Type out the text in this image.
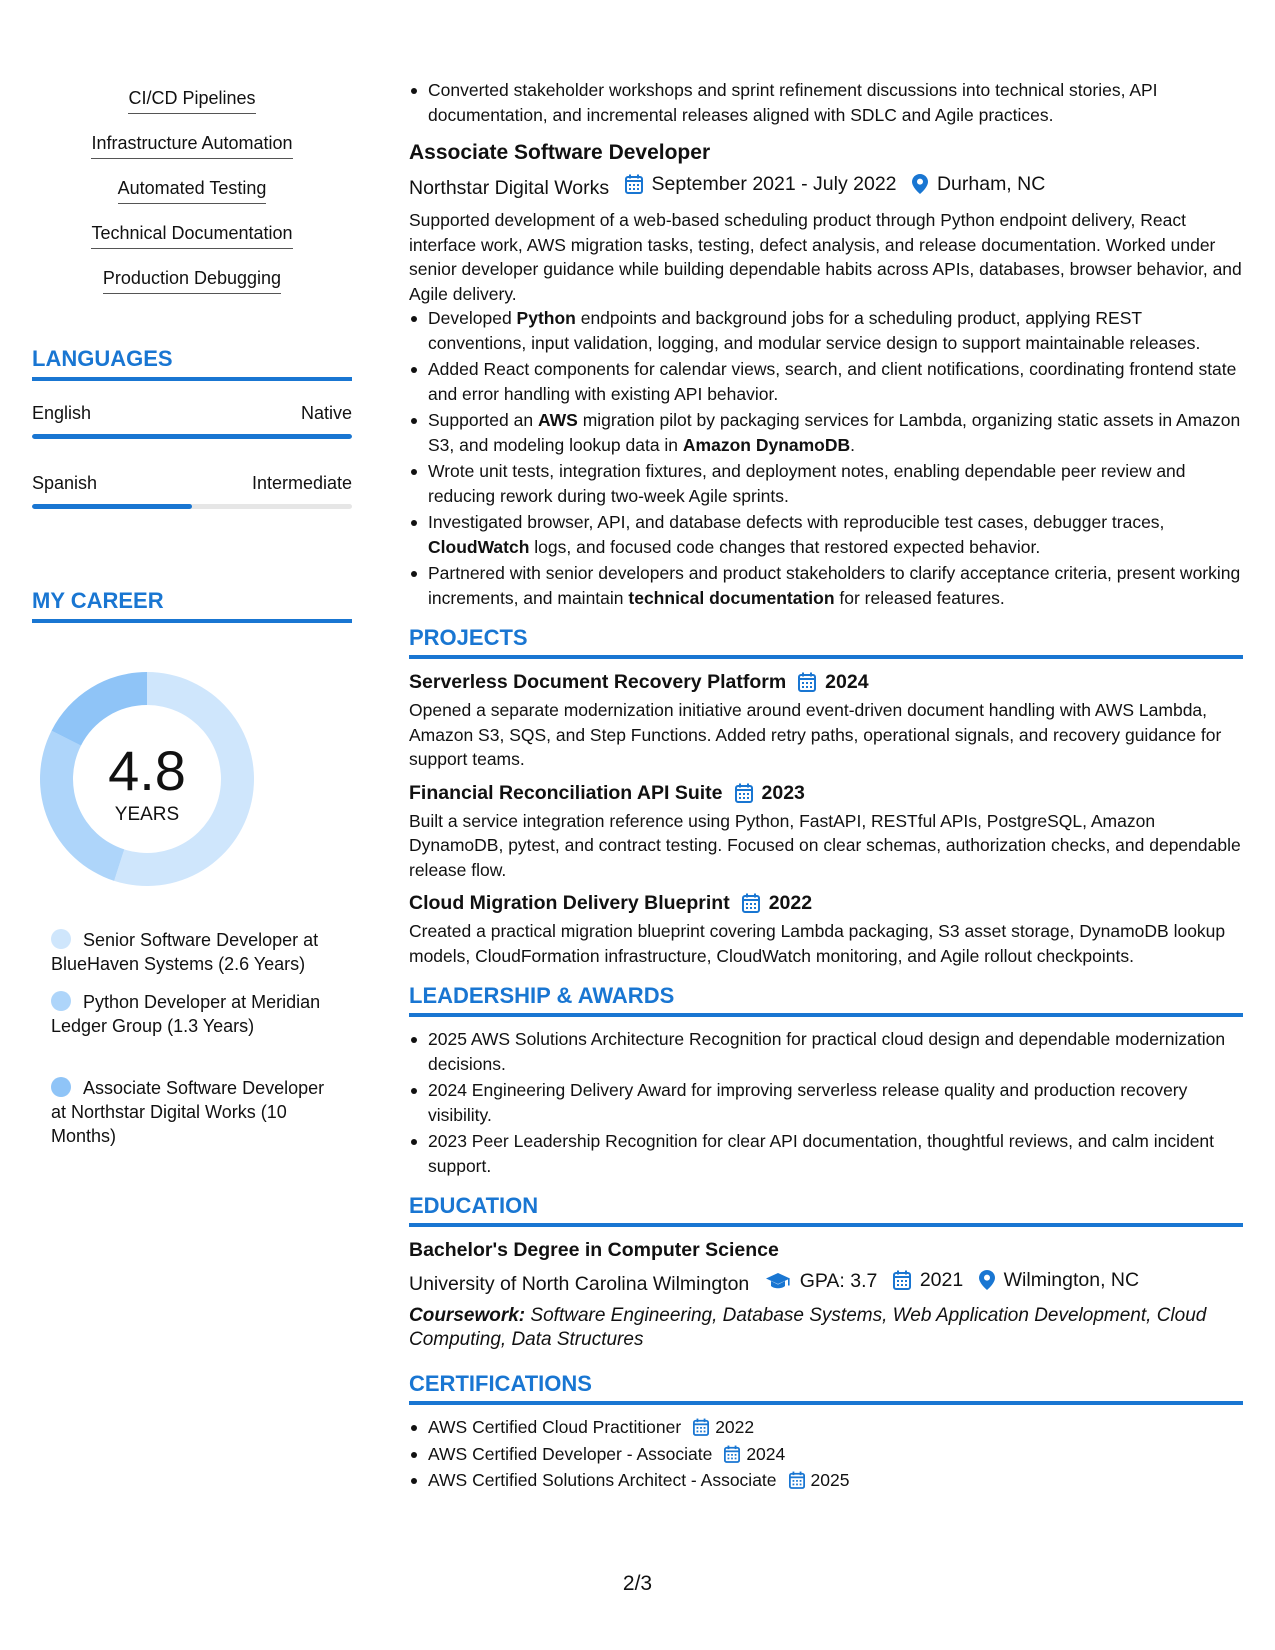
CI/CD Pipelines
Infrastructure Automation
Automated Testing
Technical Documentation
Production Debugging
LANGUAGES
English	Native
Spanish	Intermediate
MY CAREER
4.8
YEARS
Senior Software Developer at BlueHaven Systems (2.6 Years)
Python Developer at Meridian Ledger Group (1.3 Years)
Associate Software Developer at Northstar Digital Works (10 Months)
Converted stakeholder workshops and sprint refinement discussions into technical stories, API documentation, and incremental releases aligned with SDLC and Agile practices.
Associate Software Developer
Northstar Digital Works
September 2021 - July 2022
Durham, NC
Supported development of a web-based scheduling product through Python endpoint delivery, React interface work, AWS migration tasks, testing, defect analysis, and release documentation. Worked under senior developer guidance while building dependable habits across APIs, databases, browser behavior, and Agile delivery.
Developed Python endpoints and background jobs for a scheduling product, applying REST conventions, input validation, logging, and modular service design to support maintainable releases.
Added React components for calendar views, search, and client notifications, coordinating frontend state and error handling with existing API behavior.
Supported an AWS migration pilot by packaging services for Lambda, organizing static assets in Amazon S3, and modeling lookup data in Amazon DynamoDB.
Wrote unit tests, integration fixtures, and deployment notes, enabling dependable peer review and reducing rework during two-week Agile sprints.
Investigated browser, API, and database defects with reproducible test cases, debugger traces, CloudWatch logs, and focused code changes that restored expected behavior.
Partnered with senior developers and product stakeholders to clarify acceptance criteria, present working increments, and maintain technical documentation for released features.
PROJECTS
Serverless Document Recovery Platform 2024
Opened a separate modernization initiative around event-driven document handling with AWS Lambda, Amazon S3, SQS, and Step Functions. Added retry paths, operational signals, and recovery guidance for support teams.
Financial Reconciliation API Suite 2023
Built a service integration reference using Python, FastAPI, RESTful APIs, PostgreSQL, Amazon DynamoDB, pytest, and contract testing. Focused on clear schemas, authorization checks, and dependable release flow.
Cloud Migration Delivery Blueprint 2022
Created a practical migration blueprint covering Lambda packaging, S3 asset storage, DynamoDB lookup models, CloudFormation infrastructure, CloudWatch monitoring, and Agile rollout checkpoints.
LEADERSHIP & AWARDS
2025 AWS Solutions Architecture Recognition for practical cloud design and dependable modernization decisions.
2024 Engineering Delivery Award for improving serverless release quality and production recovery visibility.
2023 Peer Leadership Recognition for clear API documentation, thoughtful reviews, and calm incident support.
EDUCATION
Bachelor's Degree in Computer Science
University of North Carolina Wilmington
	GPA: 3.7
2021
Wilmington, NC
Coursework: Software Engineering, Database Systems, Web Application Development, Cloud Computing, Data Structures
CERTIFICATIONS
AWS Certified Cloud Practitioner 2022
AWS Certified Developer - Associate 2024
AWS Certified Solutions Architect - Associate 2025
2/3
